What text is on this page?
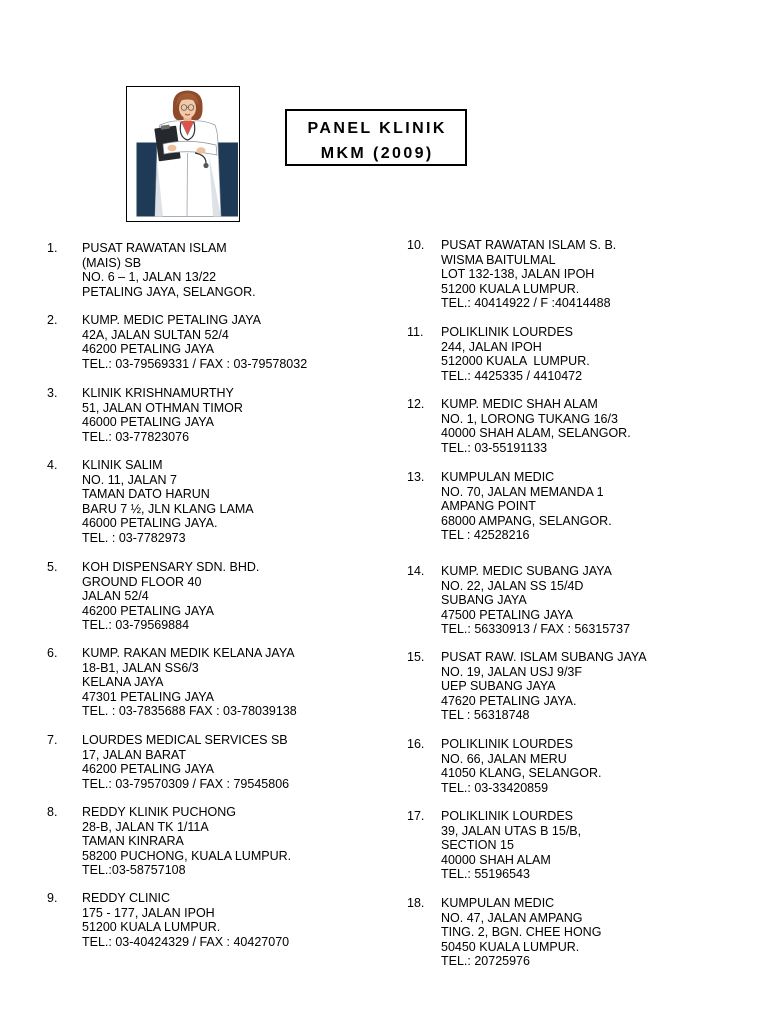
PANEL KLINIK
MKM (2009)
1. PUSAT RAWATAN ISLAM
(MAIS) SB
NO. 6 – 1, JALAN 13/22
PETALING JAYA, SELANGOR.
2. KUMP. MEDIC PETALING JAYA
42A, JALAN SULTAN 52/4
46200 PETALING JAYA
TEL.: 03-79569331 / FAX : 03-79578032
3. KLINIK KRISHNAMURTHY
51, JALAN OTHMAN TIMOR
46000 PETALING JAYA
TEL.: 03-77823076
4. KLINIK SALIM
NO. 11, JALAN 7
TAMAN DATO HARUN
BARU 7 ½, JLN KLANG LAMA
46000 PETALING JAYA.
TEL. : 03-7782973
5. KOH DISPENSARY SDN. BHD.
GROUND FLOOR 40
JALAN 52/4
46200 PETALING JAYA
TEL.: 03-79569884
6. KUMP. RAKAN MEDIK KELANA JAYA
18-B1, JALAN SS6/3
KELANA JAYA
47301 PETALING JAYA
TEL. : 03-7835688 FAX : 03-78039138
7. LOURDES MEDICAL SERVICES SB
17, JALAN BARAT
46200 PETALING JAYA
TEL.: 03-79570309 / FAX : 79545806
8. REDDY KLINIK PUCHONG
28-B, JALAN TK 1/11A
TAMAN KINRARA
58200 PUCHONG, KUALA LUMPUR.
TEL.:03-58757108
9. REDDY CLINIC
175 - 177, JALAN IPOH
51200 KUALA LUMPUR.
TEL.: 03-40424329 / FAX : 40427070
10. PUSAT RAWATAN ISLAM S. B.
WISMA BAITULMAL
LOT 132-138, JALAN IPOH
51200 KUALA LUMPUR.
TEL.: 40414922 / F :40414488
11. POLIKLINIK LOURDES
244, JALAN IPOH
512000 KUALA  LUMPUR.
TEL.: 4425335 / 4410472
12. KUMP. MEDIC SHAH ALAM
NO. 1, LORONG TUKANG 16/3
40000 SHAH ALAM, SELANGOR.
TEL.: 03-55191133
13. KUMPULAN MEDIC
NO. 70, JALAN MEMANDA 1
AMPANG POINT
68000 AMPANG, SELANGOR.
TEL : 42528216
14. KUMP. MEDIC SUBANG JAYA
NO. 22, JALAN SS 15/4D
SUBANG JAYA
47500 PETALING JAYA
TEL.: 56330913 / FAX : 56315737
15. PUSAT RAW. ISLAM SUBANG JAYA
NO. 19, JALAN USJ 9/3F
UEP SUBANG JAYA
47620 PETALING JAYA.
TEL : 56318748
16. POLIKLINIK LOURDES
NO. 66, JALAN MERU
41050 KLANG, SELANGOR.
TEL.: 03-33420859
17. POLIKLINIK LOURDES
39, JALAN UTAS B 15/B,
SECTION 15
40000 SHAH ALAM
TEL.: 55196543
18. KUMPULAN MEDIC
NO. 47, JALAN AMPANG
TING. 2, BGN. CHEE HONG
50450 KUALA LUMPUR.
TEL.: 20725976
